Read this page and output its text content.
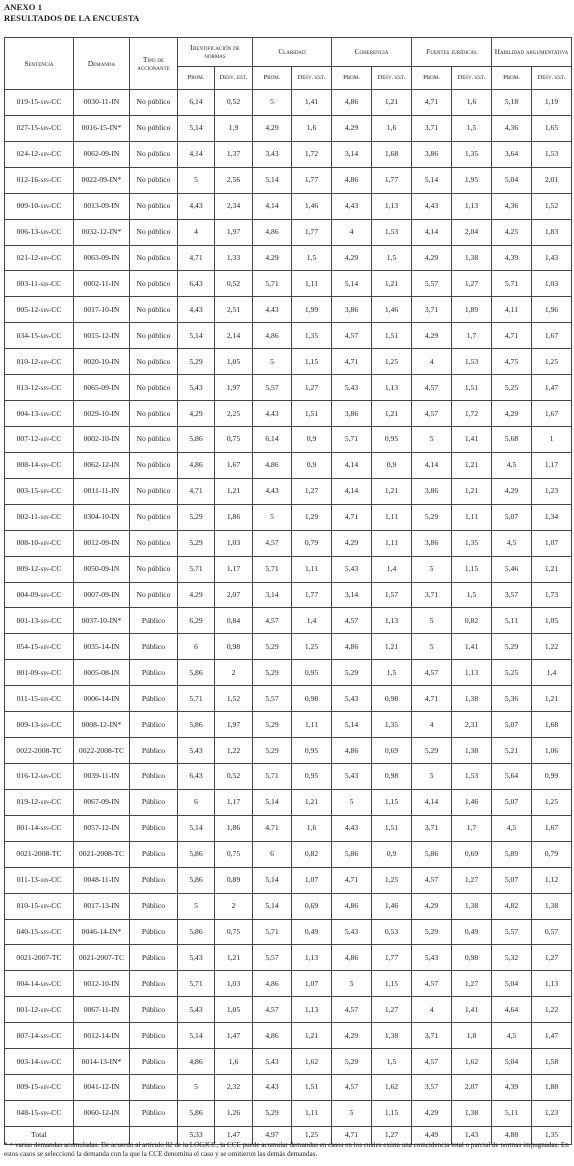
ANEXO 1
RESULTADOS DE LA ENCUESTA
Sentencia	Demanda	Tipo de accionante	Identificación de normas		Claridad		Coherencia		Fuentes jurídicas		Habilidad argumentativa	
			Prom.	Desv. est.	Prom.	Desv. est.	Prom.	Desv. est.	Prom.	Desv. est.	Prom.	Desv. est.
019-15-sin-CC	0030-11-IN	No público	6,14	0,52	5	1,41	4,86	1,21	4,71	1,6	5,18	1,19
027-15-sin-CC	0016-15-IN*	No público	5,14	1,9	4,29	1,6	4,29	1,6	3,71	1,5	4,36	1,65
024-12-sin-CC	0062-09-IN	No público	4,14	1,37	3,43	1,72	3,14	1,68	3,86	1,35	3,64	1,53
012-16-sin-CC	0022-09-IN*	No público	5	2,56	5,14	1,77	4,86	1,77	5,14	1,95	5,04	2,01
009-10-sin-CC	0013-09-IN	No público	4,43	2,34	4,14	1,46	4,43	1,13	4,43	1,13	4,36	1,52
006-13-sin-CC	0032-12-IN*	No público	4	1,97	4,86	1,77	4	1,53	4,14	2,04	4,25	1,83
021-12-sin-CC	0063-09-IN	No público	4,71	1,33	4,29	1,5	4,29	1,5	4,29	1,38	4,39	1,43
003-11-sin-CC	0002-11-IN	No público	6,43	0,52	5,71	1,11	5,14	1,21	5,57	1,27	5,71	1,03
005-12-sin-CC	0017-10-IN	No público	4,43	2,51	4,43	1,99	3,86	1,46	3,71	1,89	4,11	1,96
034-15-sin-CC	0015-12-IN	No público	5,14	2,14	4,86	1,35	4,57	1,51	4,29	1,7	4,71	1,67
010-12-sin-CC	0020-10-IN	No público	5,29	1,05	5	1,15	4,71	1,25	4	1,53	4,75	1,25
013-12-sin-CC	0065-09-IN	No público	5,43	1,97	5,57	1,27	5,43	1,13	4,57	1,51	5,25	1,47
004-13-sin-CC	0029-10-IN	No público	4,29	2,25	4,43	1,51	3,86	1,21	4,57	1,72	4,29	1,67
007-12-sin-CC	0002-10-IN	No público	5,86	0,75	6,14	0,9	5,71	0,95	5	1,41	5,68	1
008-14-sin-CC	0062-12-IN	No público	4,86	1,67	4,86	0,9	4,14	0,9	4,14	1,21	4,5	1,17
003-15-sin-CC	0011-11-IN	No público	4,71	1,21	4,43	1,27	4,14	1,21	3,86	1,21	4,29	1,23
002-11-sin-CC	0304-10-IN	No público	5,29	1,86	5	1,29	4,71	1,11	5,29	1,11	5,07	1,34
008-10-sin-CC	0012-09-IN	No público	5,29	1,03	4,57	0,79	4,29	1,11	3,86	1,35	4,5	1,07
009-12-sin-CC	0050-09-IN	No público	5,71	1,17	5,71	1,11	5,43	1,4	5	1,15	5,46	1,21
004-09-sin-CC	0007-09-IN	No público	4,29	2,07	3,14	1,77	3,14	1,57	3,71	1,5	3,57	1,73
001-13-sin-CC	0037-10-IN*	Público	6,29	0,84	4,57	1,4	4,57	1,13	5	0,82	5,11	1,05
054-15-sin-CC	0035-14-IN	Público	6	0,98	5,29	1,25	4,86	1,21	5	1,41	5,29	1,22
001-09-sin-CC	0005-08-IN	Público	5,86	2	5,29	0,95	5,29	1,5	4,57	1,13	5,25	1,4
011-15-sin-CC	0006-14-IN	Público	5,71	1,52	5,57	0,98	5,43	0,98	4,71	1,38	5,36	1,21
009-13-sin-CC	0008-12-IN*	Público	5,86	1,97	5,29	1,11	5,14	1,35	4	2,31	5,07	1,68
0022-2008-TC	0022-2008-TC	Público	5,43	1,22	5,29	0,95	4,86	0,69	5,29	1,38	5,21	1,06
016-12-sin-CC	0039-11-IN	Público	6,43	0,52	5,71	0,95	5,43	0,98	5	1,53	5,64	0,99
019-12-sin-CC	0067-09-IN	Público	6	1,17	5,14	1,21	5	1,15	4,14	1,46	5,07	1,25
001-14-sin-CC	0057-12-IN	Público	5,14	1,86	4,71	1,6	4,43	1,51	3,71	1,7	4,5	1,67
0021-2008-TC	0021-2008-TC	Público	5,86	0,75	6	0,82	5,86	0,9	5,86	0,69	5,89	0,79
011-13-sin-CC	0048-11-IN	Público	5,86	0,89	5,14	1,07	4,71	1,25	4,57	1,27	5,07	1,12
010-15-sin-CC	0017-13-IN	Público	5	2	5,14	0,69	4,86	1,46	4,29	1,38	4,82	1,38
040-15-sin-CC	0046-14-IN*	Público	5,86	0,75	5,71	0,49	5,43	0,53	5,29	0,49	5,57	0,57
0021-2007-TC	0021-2007-TC	Público	5,43	1,21	5,57	1,13	4,86	1,77	5,43	0,98	5,32	1,27
004-14-sin-CC	0012-10-IN	Público	5,71	1,03	4,86	1,07	5	1,15	4,57	1,27	5,04	1,13
001-12-sin-CC	0067-11-IN	Público	5,43	1,05	4,57	1,13	4,57	1,27	4	1,41	4,64	1,22
007-14-sin-CC	0012-14-IN	Público	5,14	1,47	4,86	1,21	4,29	1,38	3,71	1,8	4,5	1,47
003-14-sin-CC	0014-13-IN*	Público	4,86	1,6	5,43	1,62	5,29	1,5	4,57	1,62	5,04	1,58
009-15-sin-CC	0041-12-IN	Público	5	2,32	4,43	1,51	4,57	1,62	3,57	2,07	4,39	1,88
048-15-sin-CC	0060-12-IN	Público	5,86	1,26	5,29	1,11	5	1,15	4,29	1,38	5,11	1,23
Total			5,33	1,47	4,97	1,25	4,71	1,27	4,49	1,43	4,88	1,35
* = varias demandas acumuladas. De acuerdo al artículo 82 de la LOGJCC, la CCE puede acumular demandas en casos en los cuales exista una coincidencia total o parcial de normas impugnadas. En estos casos se seleccionó la demanda con la que la CCE denomina el caso y se omitieron las demás demandas.
